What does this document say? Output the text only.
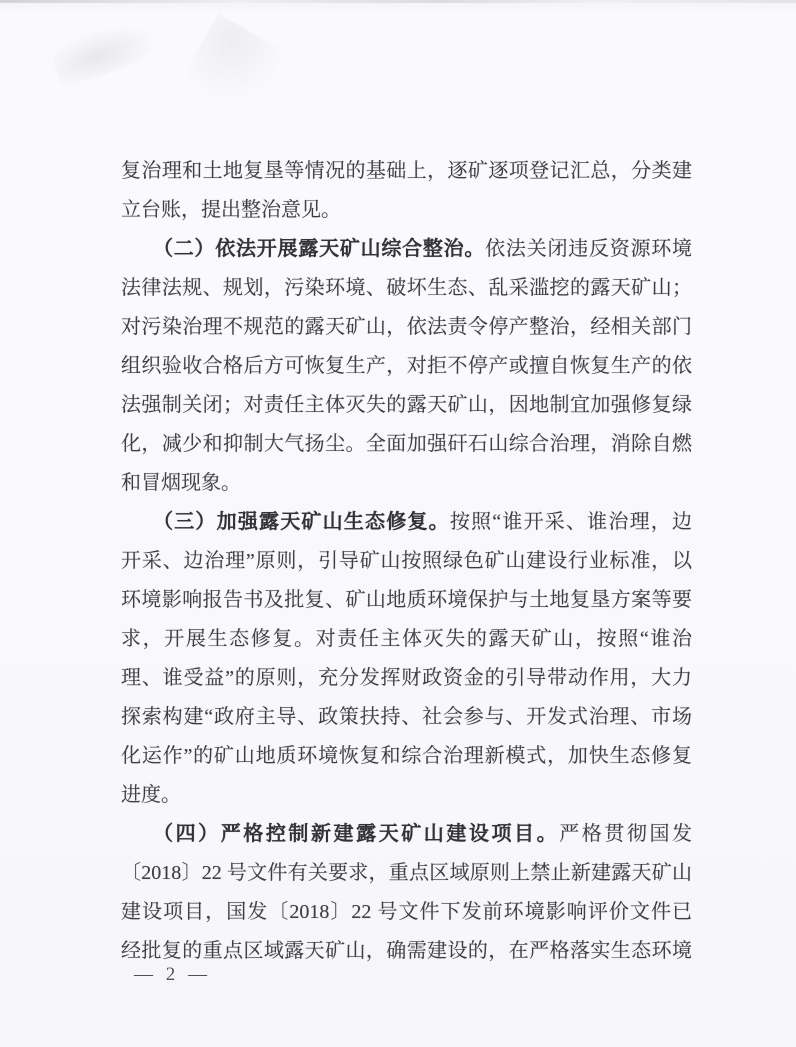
复治理和土地复垦等情况的基础上，逐矿逐项登记汇总，分类建
立台账，提出整治意见。
（二）依法开展露天矿山综合整治。依法关闭违反资源环境
法律法规、规划，污染环境、破坏生态、乱采滥挖的露天矿山；
对污染治理不规范的露天矿山，依法责令停产整治，经相关部门
组织验收合格后方可恢复生产，对拒不停产或擅自恢复生产的依
法强制关闭；对责任主体灭失的露天矿山，因地制宜加强修复绿
化，减少和抑制大气扬尘。全面加强矸石山综合治理，消除自燃
和冒烟现象。
（三）加强露天矿山生态修复。按照“谁开采、谁治理，边
开采、边治理”原则，引导矿山按照绿色矿山建设行业标准，以
环境影响报告书及批复、矿山地质环境保护与土地复垦方案等要
求，开展生态修复。对责任主体灭失的露天矿山，按照“谁治
理、谁受益”的原则，充分发挥财政资金的引导带动作用，大力
探索构建“政府主导、政策扶持、社会参与、开发式治理、市场
化运作”的矿山地质环境恢复和综合治理新模式，加快生态修复
进度。
（四）严格控制新建露天矿山建设项目。严格贯彻国发
〔2018〕22 号文件有关要求，重点区域原则上禁止新建露天矿山
建设项目，国发〔2018〕22 号文件下发前环境影响评价文件已
经批复的重点区域露天矿山，确需建设的，在严格落实生态环境
— 2 —
